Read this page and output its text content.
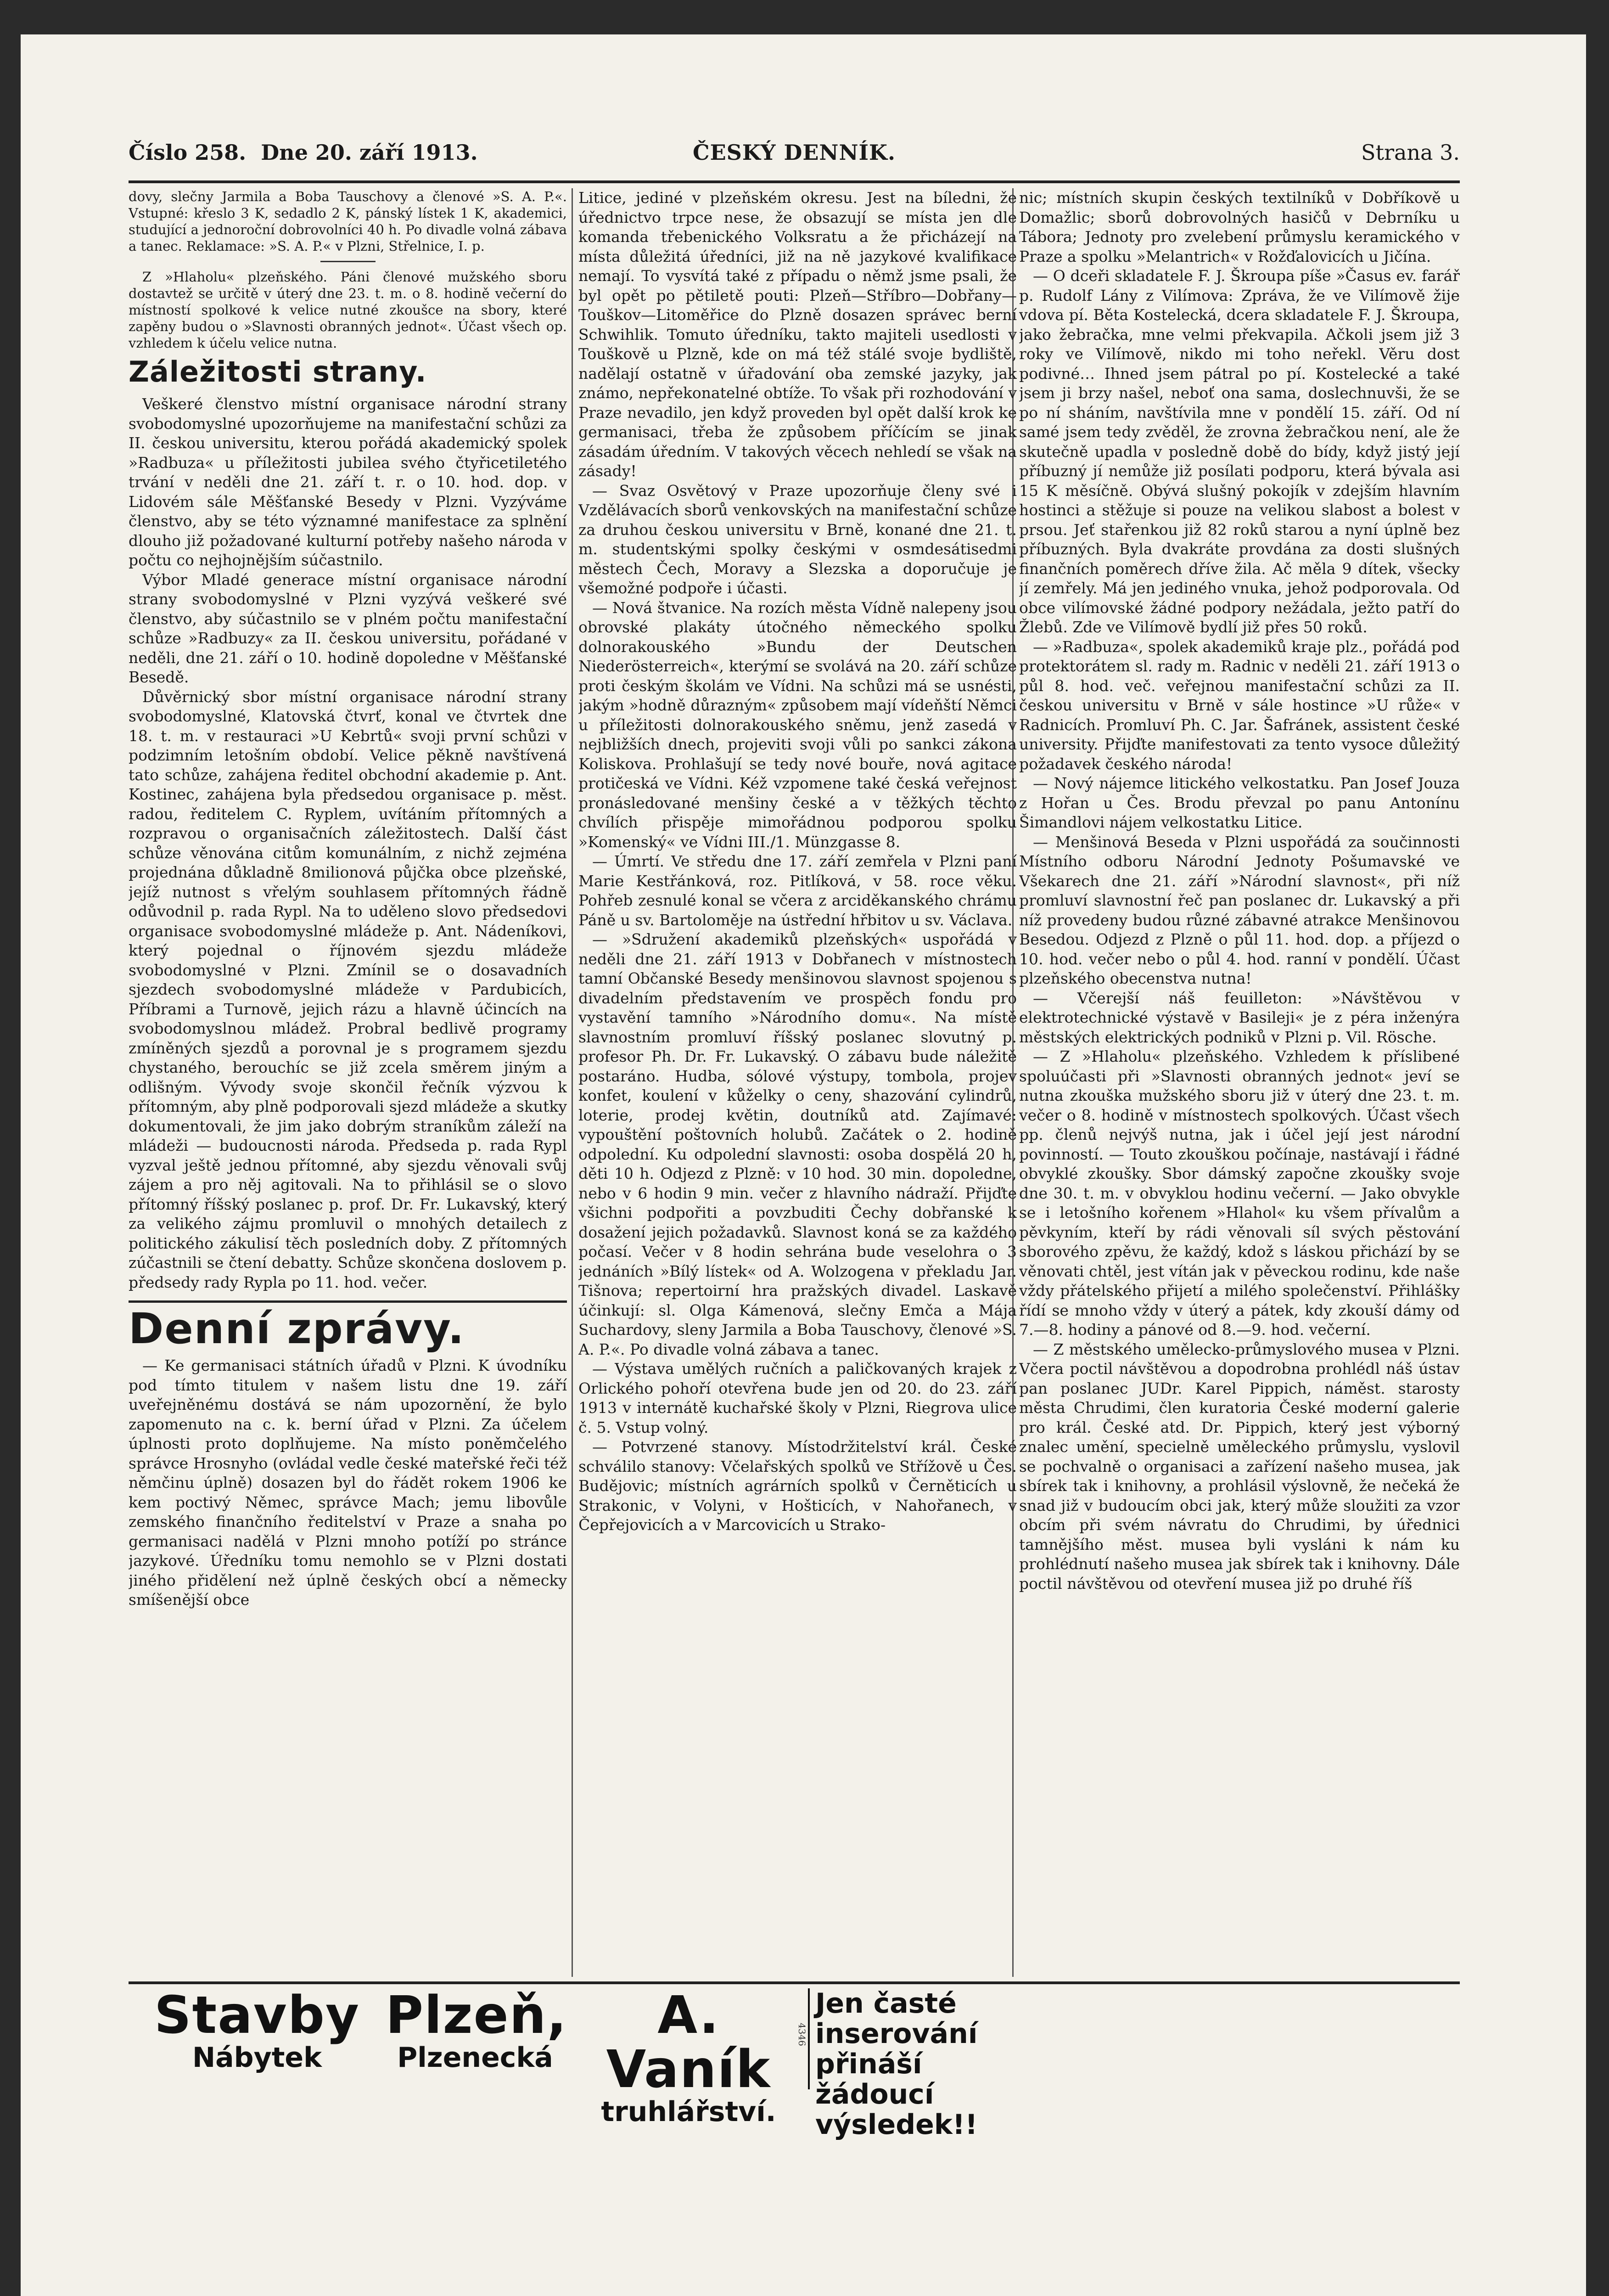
Číslo 258. Dne 20. září 1913.	ČESKÝ DENNÍK.	Strana 3.

dovy, slečny Jarmila a Boba Tauschovy a členové »S. A. P.«. Vstupné: křeslo 3 K, sedadlo 2 K, pánský lístek 1 K, akademici, studující a jednoroční dobrovolníci 40 h. Po divadle volná zábava a tanec. Reklamace: »S. A. P.« v Plzni, Střelnice, I. p.

Z »Hlaholu« plzeňského. Páni členové mužského sboru dostavtež se určitě v úterý dne 23. t. m. o 8. hodině večerní do místností spolkové k velice nutné zkoušce na sbory, které zapěny budou o »Slavnosti obranných jednot«. Účast všech op. vzhledem k účelu velice nutna.

Záležitosti strany.

Veškeré členstvo místní organisace národní strany svobodomyslné upozorňujeme na manifestační schůzi za II. českou universitu, kterou pořádá akademický spolek »Radbuza« u příležitosti jubilea svého čtyřicetiletého trvání v neděli dne 21. září t. r. o 10. hod. dop. v Lidovém sále Měšťanské Besedy v Plzni. Vyzýváme členstvo, aby se této významné manifestace za splnění dlouho již požadované kulturní potřeby našeho národa v počtu co nejhojnějším súčastnilo.

Výbor Mladé generace místní organisace národní strany svobodomyslné v Plzni vyzývá veškeré své členstvo, aby súčastnilo se v plném počtu manifestační schůze »Radbuzy« za II. českou universitu, pořádané v neděli, dne 21. září o 10. hodině dopoledne v Měšťanské Besedě.

Důvěrnický sbor místní organisace národní strany svobodomyslné, Klatovská čtvrť, konal ve čtvrtek dne 18. t. m. v restauraci »U Kebrtů« svoji první schůzi v podzimním letošním období. Velice pěkně navštívená tato schůze, zahájena ředitel obchodní akademie p. Ant. Kostinec, zahájena byla předsedou organisace p. měst. radou, ředitelem C. Ryplem, uvítáním přítomných a rozpravou o organisačních záležitostech. Další část schůze věnována citům komunálním, z nichž zejména projednána důkladně 8milionová půjčka obce plzeňské, jejíž nutnost s vřelým souhlasem přítomných řádně odůvodnil p. rada Rypl. Na to uděleno slovo předsedovi organisace svobodomyslné mládeže p. Ant. Nádeníkovi, který pojednal o říjnovém sjezdu mládeže svobodomyslné v Plzni. Zmínil se o dosavadních sjezdech svobodomyslné mládeže v Pardubicích, Příbrami a Turnově, jejich rázu a hlavně účincích na svobodomyslnou mládež. Probral bedlivě programy zmíněných sjezdů a porovnal je s programem sjezdu chystaného, berouchíc se již zcela směrem jiným a odlišným. Vývody svoje skončil řečník výzvou k přítomným, aby plně podporovali sjezd mládeže a skutky dokumentovali, že jim jako dobrým straníkům záleží na mládeži — budoucnosti národa. Předseda p. rada Rypl vyzval ještě jednou přítomné, aby sjezdu věnovali svůj zájem a pro něj agitovali. Na to přihlásil se o slovo přítomný říšský poslanec p. prof. Dr. Fr. Lukavský, který za velikého zájmu promluvil o mnohých detailech z politického zákulisí těch posledních doby. Z přítomných zúčastnili se čtení debatty. Schůze skončena doslovem p. předsedy rady Rypla po 11. hod. večer.

Denní zprávy.

— Ke germanisaci státních úřadů v Plzni. K úvodníku pod tímto titulem v našem listu dne 19. září uveřejněnému dostává se nám upozornění, že bylo zapomenuto na c. k. berní úřad v Plzni. Za účelem úplnosti proto doplňujeme. Na místo poněmčelého správce Hrosnyho (ovládal vedle české mateřské řeči též němčinu úplně) dosazen byl do řádět rokem 1906 ke kem poctivý Němec, správce Mach; jemu libovůle zemského finančního ředitelství v Praze a snaha po germanisaci nadělá v Plzni mnoho potíží po stránce jazykové. Úředníku tomu nemohlo se v Plzni dostati jiného přidělení než úplně českých obcí a německy smíšenější obce

Litice, jediné v plzeňském okresu. Jest na bíledni, že úřednictvo trpce nese, že obsazují se místa jen dle komanda třebenického Volksratu a že přicházejí na místa důležitá úředníci, již na ně jazykové kvalifikace nemají. To vysvítá také z případu o němž jsme psali, že byl opět po pětiletě pouti: Plzeň—Stříbro—Dobřany—Touškov—Litoměřice do Plzně dosazen správec berní Schwihlik. Tomuto úředníku, takto majiteli usedlosti v Touškově u Plzně, kde on má též stálé svoje bydliště, nadělají ostatně v úřadování oba zemské jazyky, jak známo, nepřekonatelné obtíže. To však při rozhodování v Praze nevadilo, jen když proveden byl opět další krok ke germanisaci, třeba že způsobem příčícím se jinak zásadám úředním. V takových věcech nehledí se však na zásady!

— Svaz Osvětový v Praze upozorňuje členy své i Vzdělávacích sborů venkovských na manifestační schůze za druhou českou universitu v Brně, konané dne 21. t. m. studentskými spolky českými v osmdesátisedmi městech Čech, Moravy a Slezska a doporučuje je všemožné podpoře i účasti.

— Nová štvanice. Na rozích města Vídně nalepeny jsou obrovské plakáty útočného německého spolku dolnorakouského »Bundu der Deutschen Niederösterreich«, kterýmí se svolává na 20. září schůze proti českým školám ve Vídni. Na schůzi má se usnésti, jakým »hodně důrazným« způsobem mají vídeňští Němci u příležitosti dolnorakouského sněmu, jenž zasedá v nejbližších dnech, projeviti svoji vůli po sankci zákona Koliskova. Prohlašují se tedy nové bouře, nová agitace protičeská ve Vídni. Kéž vzpomene také česká veřejnost pronásledované menšiny české a v těžkých těchto chvílích přispěje mimořádnou podporou spolku »Komenský« ve Vídni III./1. Münzgasse 8.

— Úmrtí. Ve středu dne 17. září zemřela v Plzni paní Marie Kestřánková, roz. Pitlíková, v 58. roce věku. Pohřeb zesnulé konal se včera z arciděkanského chrámu Páně u sv. Bartoloměje na ústřední hřbitov u sv. Václava.

— »Sdružení akademiků plzeňských« uspořádá v neděli dne 21. září 1913 v Dobřanech v místnostech tamní Občanské Besedy menšinovou slavnost spojenou s divadelním představením ve prospěch fondu pro vystavění tamního »Národního domu«. Na místě slavnostním promluví říšský poslanec slovutný p. profesor Ph. Dr. Fr. Lukavský. O zábavu bude náležitě postaráno. Hudba, sólové výstupy, tombola, projev konfet, koulení v kůželky o ceny, shazování cylindrů, loterie, prodej květin, doutníků atd. Zajímavé: vypouštění poštovních holubů. Začátek o 2. hodině odpolední. Ku odpolední slavnosti: osoba dospělá 20 h, děti 10 h. Odjezd z Plzně: v 10 hod. 30 min. dopoledne, nebo v 6 hodin 9 min. večer z hlavního nádraží. Přijďte všichni podpořiti a povzbuditi Čechy dobřanské k dosažení jejich požadavků. Slavnost koná se za každého počasí. Večer v 8 hodin sehrána bude veselohra o 3 jednáních »Bílý lístek« od A. Wolzogena v překladu Jar. Tišnova; repertoirní hra pražských divadel. Laskavě účinkují: sl. Olga Kámenová, slečny Emča a Mája Suchardovy, sleny Jarmila a Boba Tauschovy, členové »S. A. P.«. Po divadle volná zábava a tanec.

— Výstava umělých ručních a paličkovaných krajek z Orlického pohoří otevřena bude jen od 20. do 23. září 1913 v internátě kuchařské školy v Plzni, Riegrova ulice č. 5. Vstup volný.

— Potvrzené stanovy. Místodržitelství král. České schválilo stanovy: Včelařských spolků ve Střížově u Čes. Budějovic; místních agrárních spolků v Černěticích u Strakonic, v Volyni, v Hošticích, v Nahořanech, v Čepřejovicích a v Marcovicích u Strako-

nic; místních skupin českých textilníků v Dobříkově u Domažlic; sborů dobrovolných hasičů v Debrníku u Tábora; Jednoty pro zvelebení průmyslu keramického v Praze a spolku »Melantrich« v Rožďalovicích u Jičína.

— O dceři skladatele F. J. Škroupa píše »Časus ev. farář p. Rudolf Lány z Vilímova: Zpráva, že ve Vilímově žije vdova pí. Běta Kostelecká, dcera skladatele F. J. Škroupa, jako žebračka, mne velmi překvapila. Ačkoli jsem již 3 roky ve Vilímově, nikdo mi toho neřekl. Věru dost podivné… Ihned jsem pátral po pí. Kostelecké a také jsem ji brzy našel, neboť ona sama, doslechnuvši, že se po ní sháním, navštívila mne v pondělí 15. září. Od ní samé jsem tedy zvěděl, že zrovna žebračkou není, ale že skutečně upadla v posledně době do bídy, když jistý její příbuzný jí nemůže již posílati podporu, která bývala asi 15 K měsíčně. Obývá slušný pokojík v zdejším hlavním hostinci a stěžuje si pouze na velikou slabost a bolest v prsou. Jeť stařenkou již 82 roků starou a nyní úplně bez příbuzných. Byla dvakráte provdána za dosti slušných finančních poměrech dříve žila. Ač měla 9 dítek, všecky jí zemřely. Má jen jediného vnuka, jehož podporovala. Od obce vilímovské žádné podpory nežádala, ježto patří do Žlebů. Zde ve Vilímově bydlí již přes 50 roků.

— »Radbuza«, spolek akademiků kraje plz., pořádá pod protektorátem sl. rady m. Radnic v neděli 21. září 1913 o půl 8. hod. več. veřejnou manifestační schůzi za II. českou universitu v Brně v sále hostince »U růže« v Radnicích. Promluví Ph. C. Jar. Šafránek, assistent české university. Přijďte manifestovati za tento vysoce důležitý požadavek českého národa!

— Nový nájemce litického velkostatku. Pan Josef Jouza z Hořan u Čes. Brodu převzal po panu Antonínu Šimandlovi nájem velkostatku Litice.

— Menšinová Beseda v Plzni uspořádá za součinnosti Místního odboru Národní Jednoty Pošumavské ve Všekarech dne 21. září »Národní slavnost«, při níž promluví slavnostní řeč pan poslanec dr. Lukavský a při níž provedeny budou různé zábavné atrakce Menšinovou Besedou. Odjezd z Plzně o půl 11. hod. dop. a příjezd o 10. hod. večer nebo o půl 4. hod. ranní v pondělí. Účast plzeňského obecenstva nutna!

— Včerejší náš feuilleton: »Návštěvou v elektrotechnické výstavě v Basileji« je z péra inženýra městských elektrických podniků v Plzni p. Vil. Rösche.

— Z »Hlaholu« plzeňského. Vzhledem k příslibené spoluúčasti při »Slavnosti obranných jednot« jeví se nutna zkouška mužského sboru již v úterý dne 23. t. m. večer o 8. hodině v místnostech spolkových. Účast všech pp. členů nejvýš nutna, jak i účel její jest národní povinností. — Touto zkouškou počínaje, nastávají i řádné obvyklé zkoušky. Sbor dámský započne zkoušky svoje dne 30. t. m. v obvyklou hodinu večerní. — Jako obvykle se i letošního kořenem »Hlahol« ku všem přívalům a pěvkyním, kteří by rádi věnovali síl svých pěstování sborového zpěvu, že každý, kdož s láskou přichází by se věnovati chtěl, jest vítán jak v pěveckou rodinu, kde naše vždy přátelského přijetí a milého společenství. Přihlášky řídí se mnoho vždy v úterý a pátek, kdy zkouší dámy od 7.—8. hodiny a pánové od 8.—9. hod. večerní.

— Z městského umělecko-průmyslového musea v Plzni. Včera poctil návštěvou a dopodrobna prohlédl náš ústav pan poslanec JUDr. Karel Pippich, náměst. starosty města Chrudimi, člen kuratoria České moderní galerie pro král. České atd. Dr. Pippich, který jest výborný znalec umění, specielně uměleckého průmyslu, vyslovil se pochvalně o organisaci a zařízení našeho musea, jak sbírek tak i knihovny, a prohlásil výslovně, že nečeká že snad již v budoucím obci jak, který může sloužiti za vzor obcím při svém návratu do Chrudimi, by úřednici tamnějšího měst. musea byli vysláni k nám ku prohlédnutí našeho musea jak sbírek tak i knihovny. Dále poctil návštěvou od otevření musea již po druhé říš

Stavby
Nábytek
Plzeň,
Plzenecká
A. Vaník
truhlářství.
4346
Jen časté inserování přináší žádoucí výsledek!!
